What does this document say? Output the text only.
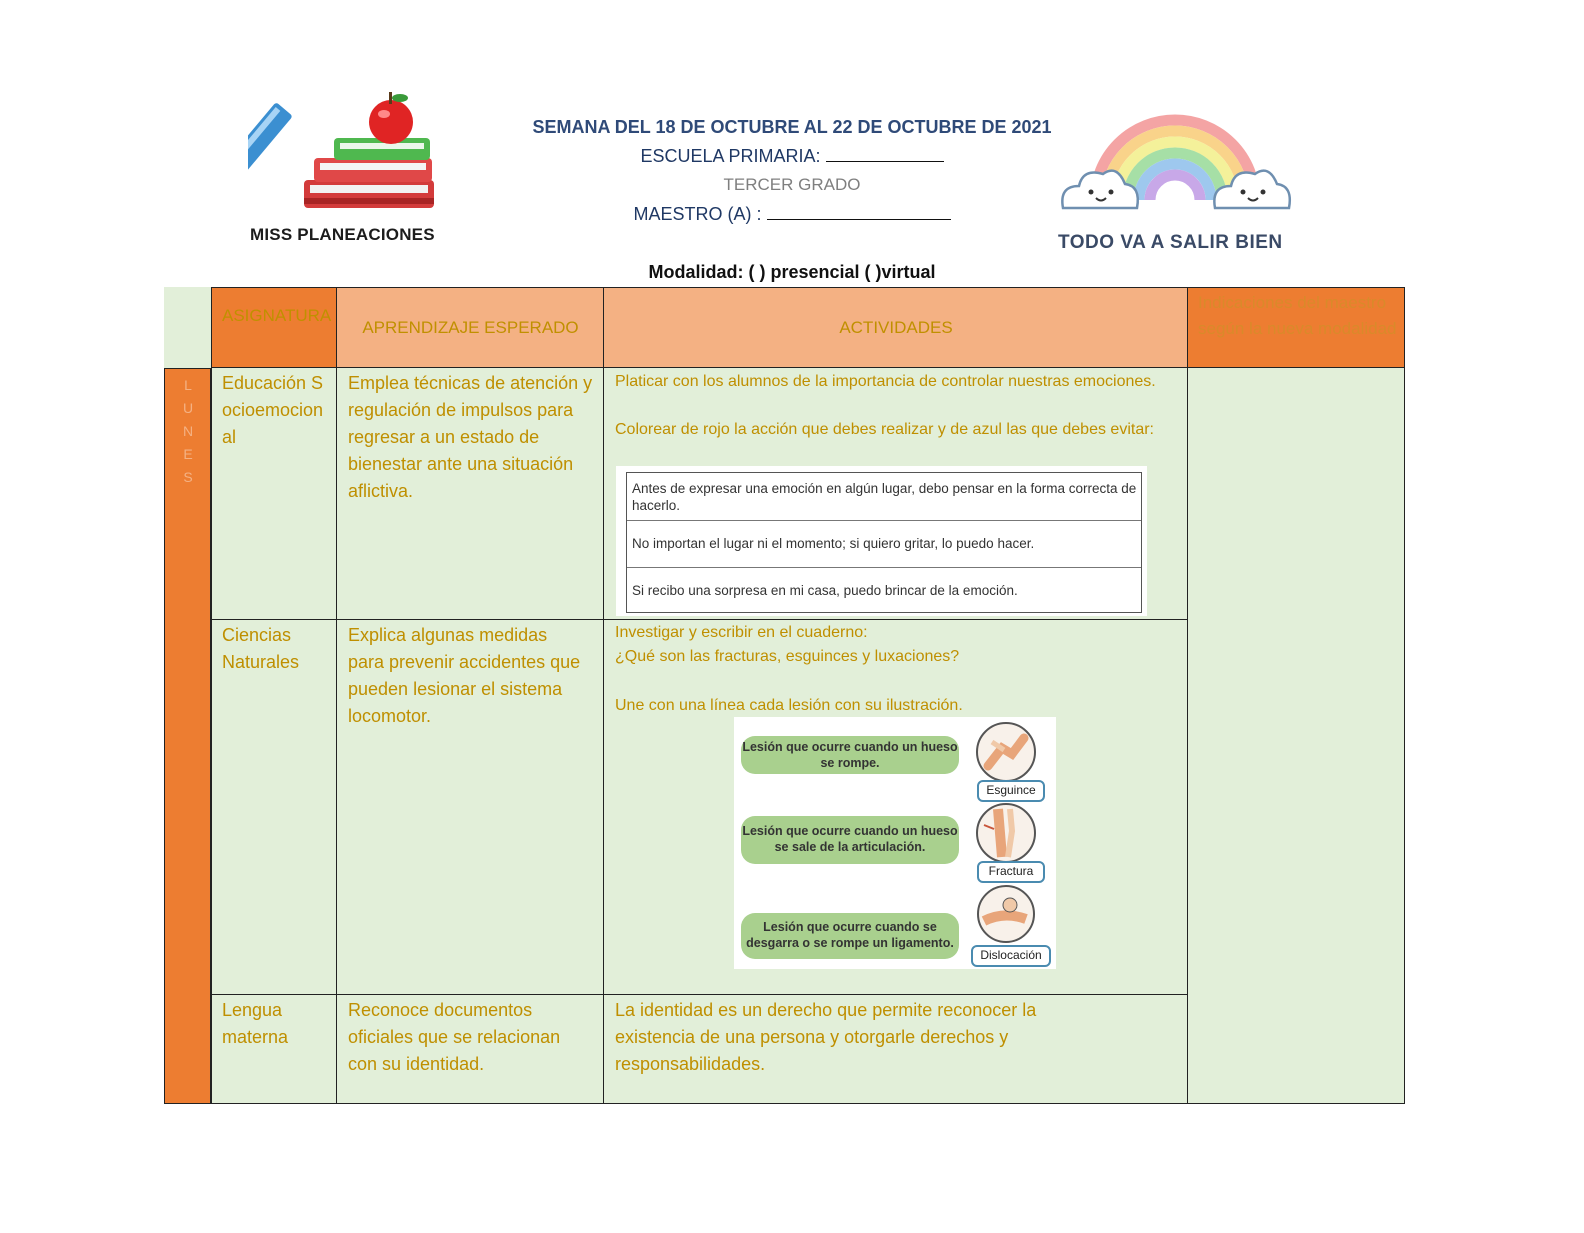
MISS PLANEACIONES	TODO VA A SALIR BIEN
SEMANA DEL 18 DE OCTUBRE AL 22 DE OCTUBRE DE 2021
ESCUELA PRIMARIA:
TERCER GRADO
MAESTRO (A) :
Modalidad: ( ) presencial ( )virtual
ASIGNATURA
APRENDIZAJE ESPERADO	ACTIVIDADES
Indicaciones del maestro según la nueva modalidad
L
U
N
E
S
Educación Socioemocional
Emplea técnicas de atención y regulación de impulsos para regresar a un estado de bienestar ante una situación aflictiva.
Platicar con los alumnos de la importancia de controlar nuestras emociones.
Colorear de rojo la acción que debes realizar y de azul las que debes evitar:
Antes de expresar una emoción en algún lugar, debo pensar en la forma correcta de hacerlo.
No importan el lugar ni el momento; si quiero gritar, lo puedo hacer.
Si recibo una sorpresa en mi casa, puedo brincar de la emoción.
Ciencias Naturales
Explica algunas medidas para prevenir accidentes que pueden lesionar el sistema locomotor.
Investigar y escribir en el cuaderno:
¿Qué son las fracturas, esguinces y luxaciones?
Une con una línea cada lesión con su ilustración.
Lesión que ocurre cuando un hueso se rompe.
Lesión que ocurre cuando un hueso se sale de la articulación.
Lesión que ocurre cuando se desgarra o se rompe un ligamento.
Esguince
Fractura
Dislocación
Lengua materna
Reconoce documentos oficiales que se relacionan con su identidad.
La identidad es un derecho que permite reconocer la existencia de una persona y otorgarle derechos y responsabilidades.
